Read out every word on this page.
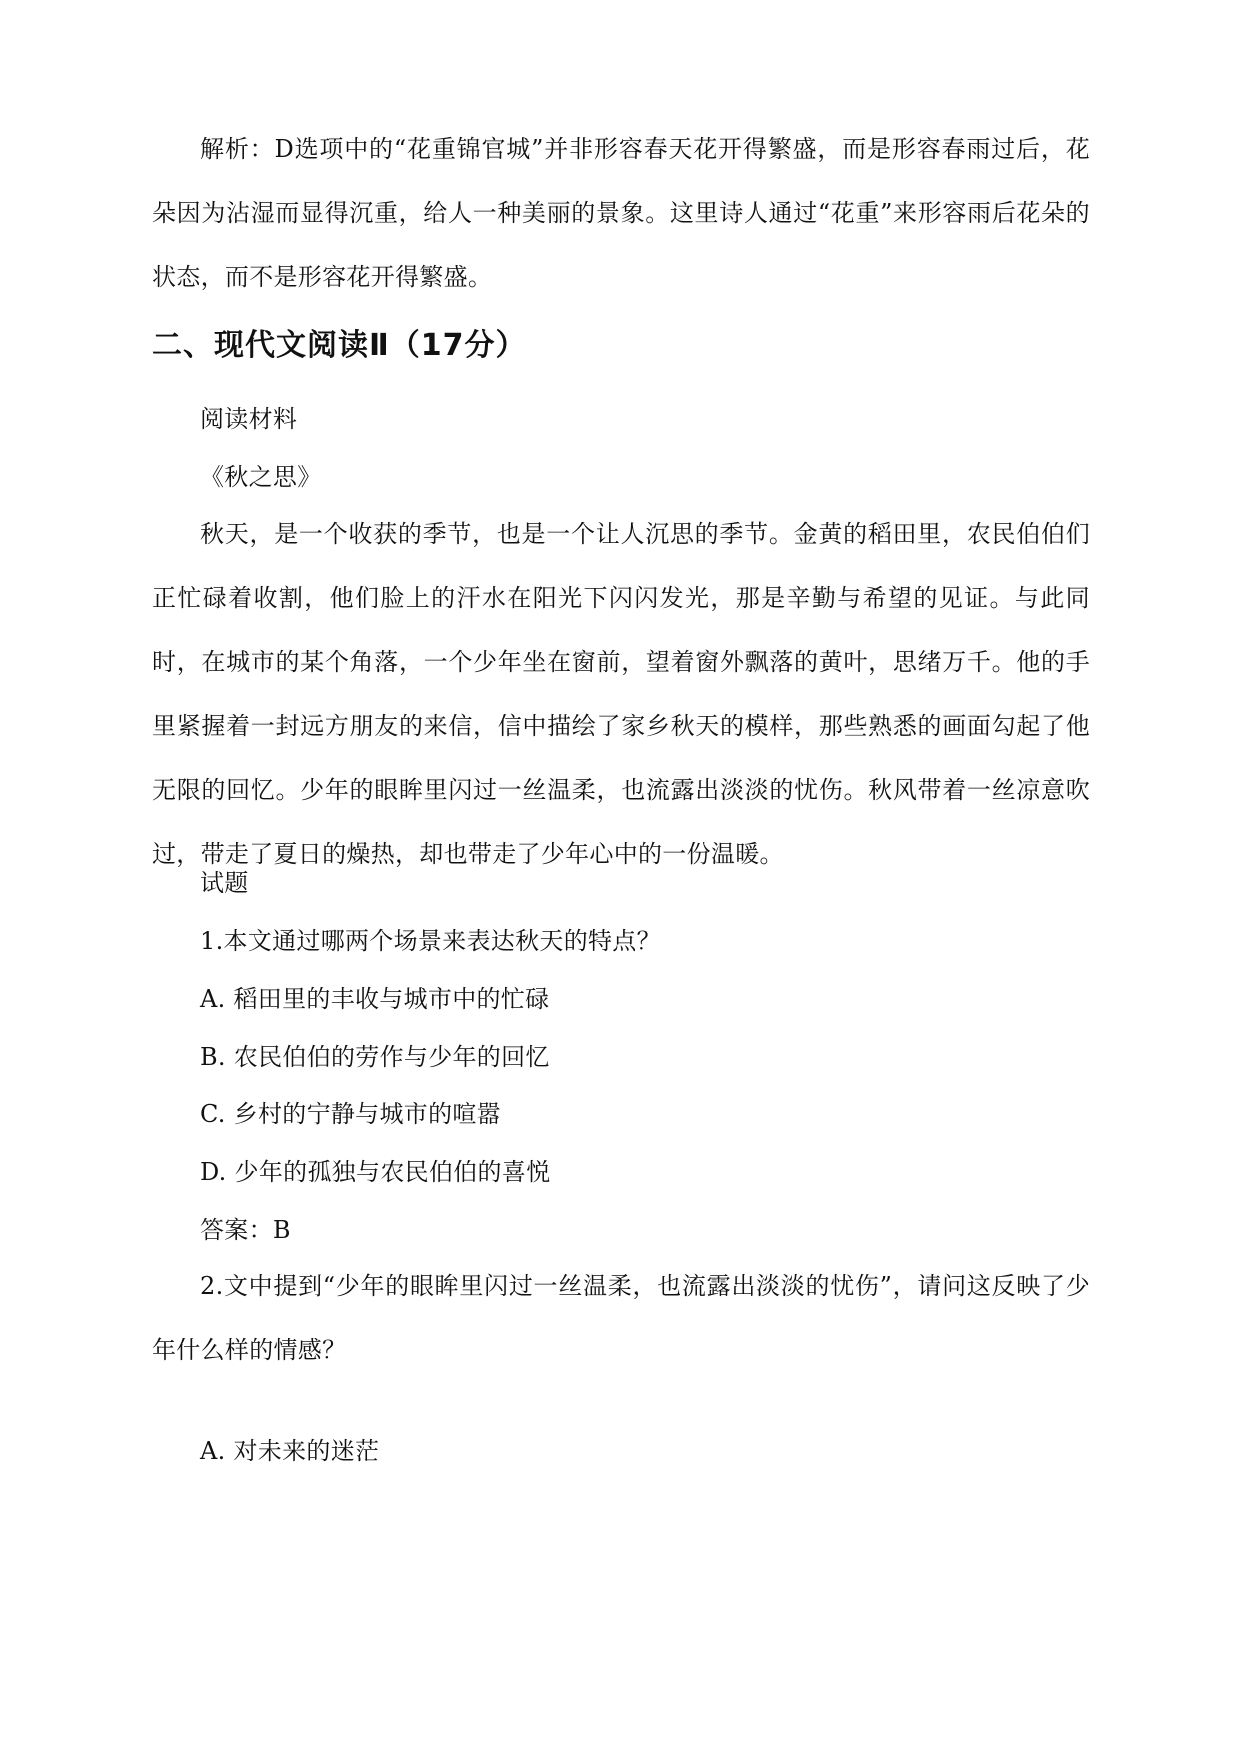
解析：D选项中的“花重锦官城”并非形容春天花开得繁盛，而是形容春雨过后，花朵因为沾湿而显得沉重，给人一种美丽的景象。这里诗人通过“花重”来形容雨后花朵的状态，而不是形容花开得繁盛。

二、现代文阅读Ⅱ（17分）
阅读材料
《秋之思》

秋天，是一个收获的季节，也是一个让人沉思的季节。金黄的稻田里，农民伯伯们正忙碌着收割，他们脸上的汗水在阳光下闪闪发光，那是辛勤与希望的见证。与此同时，在城市的某个角落，一个少年坐在窗前，望着窗外飘落的黄叶，思绪万千。他的手里紧握着一封远方朋友的来信，信中描绘了家乡秋天的模样，那些熟悉的画面勾起了他无限的回忆。少年的眼眸里闪过一丝温柔，也流露出淡淡的忧伤。秋风带着一丝凉意吹过，带走了夏日的燥热，却也带走了少年心中的一份温暖。

试题
1.本文通过哪两个场景来表达秋天的特点？
A. 稻田里的丰收与城市中的忙碌
B. 农民伯伯的劳作与少年的回忆
C. 乡村的宁静与城市的喧嚣
D. 少年的孤独与农民伯伯的喜悦
答案：B

2.文中提到“少年的眼眸里闪过一丝温柔，也流露出淡淡的忧伤”，请问这反映了少年什么样的情感？

A. 对未来的迷茫
